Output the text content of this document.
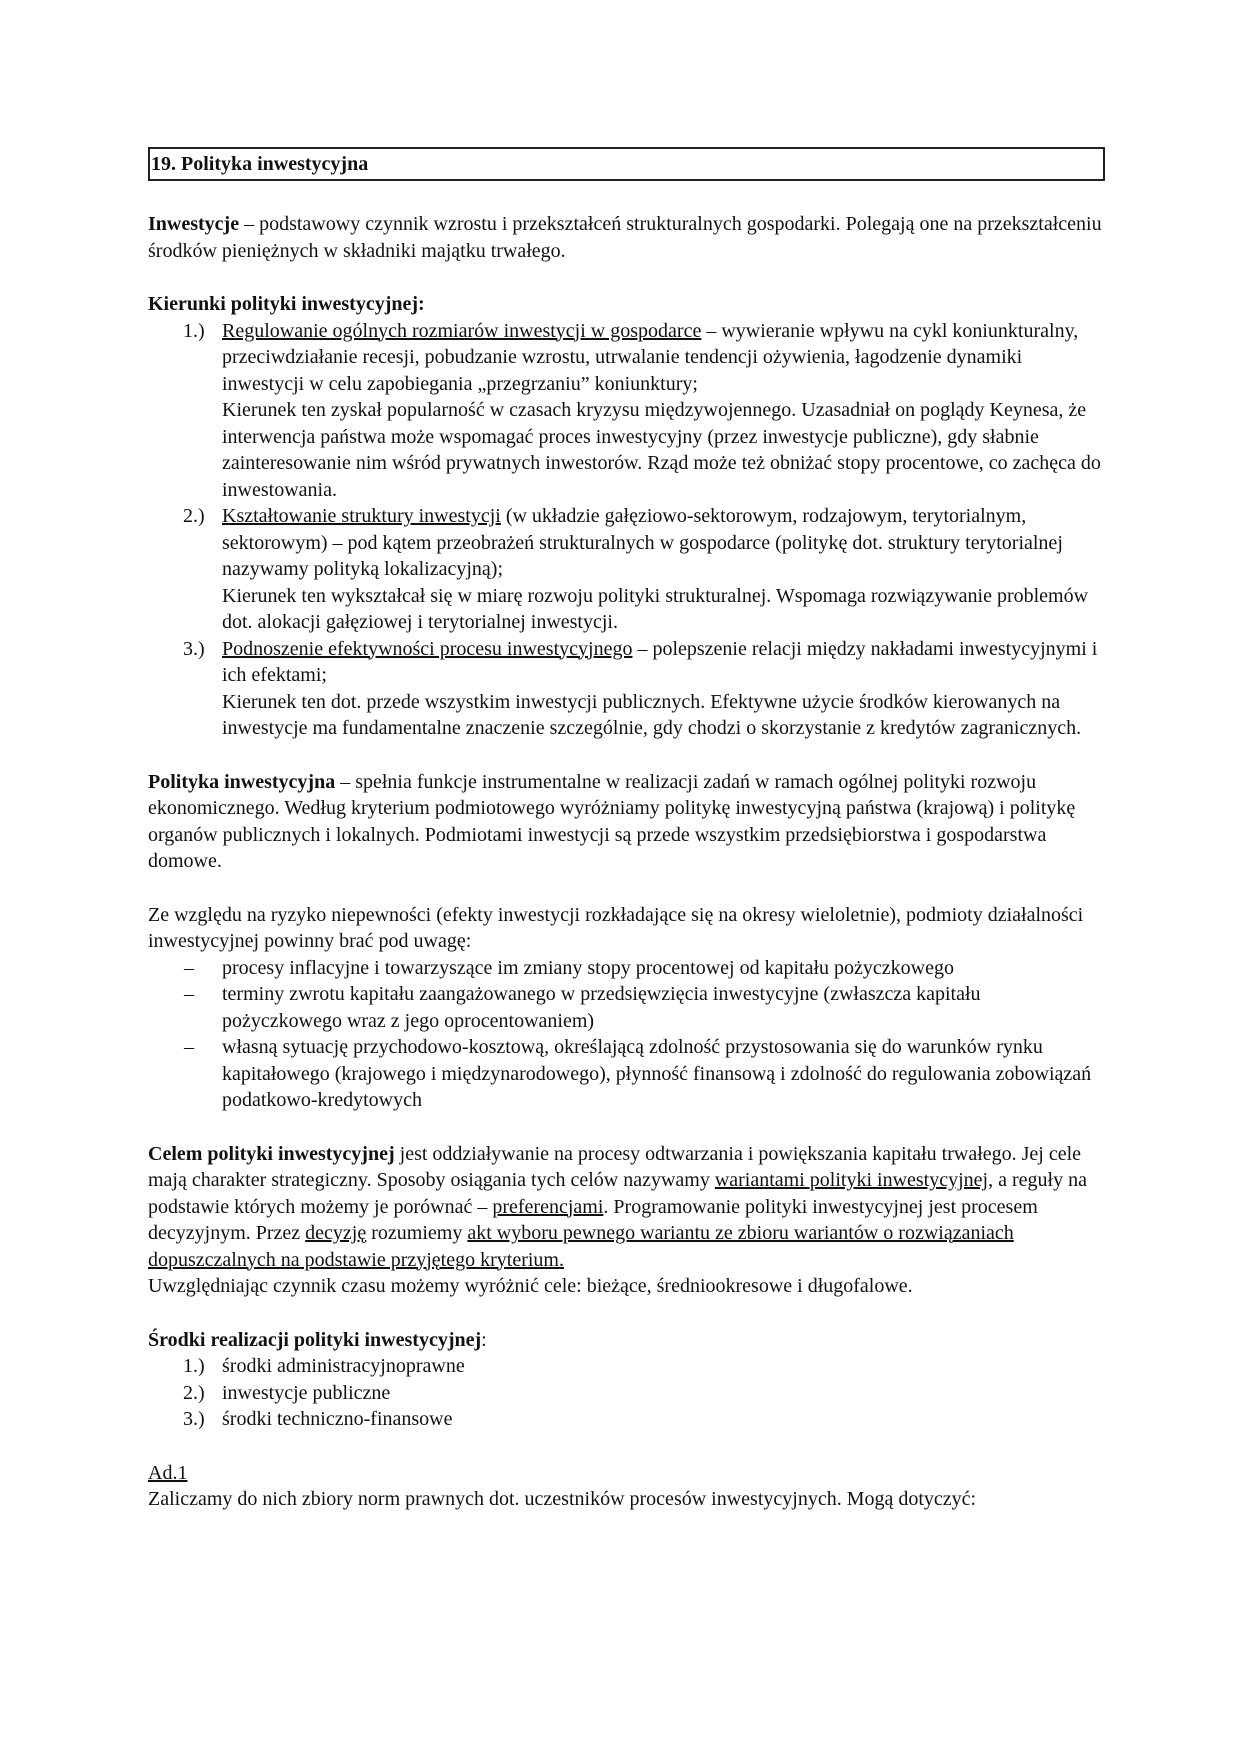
19. Polityka inwestycyjna

Inwestycje – podstawowy czynnik wzrostu i przekształceń strukturalnych gospodarki. Polegają one na przekształceniu środków pieniężnych w składniki majątku trwałego.

Kierunki polityki inwestycyjnej:

1.) Regulowanie ogólnych rozmiarów inwestycji w gospodarce – wywieranie wpływu na cykl koniunkturalny, przeciwdziałanie recesji, pobudzanie wzrostu, utrwalanie tendencji ożywienia, łagodzenie dynamiki inwestycji w celu zapobiegania „przegrzaniu” koniunktury;
Kierunek ten zyskał popularność w czasach kryzysu międzywojennego. Uzasadniał on poglądy Keynesa, że interwencja państwa może wspomagać proces inwestycyjny (przez inwestycje publiczne), gdy słabnie zainteresowanie nim wśród prywatnych inwestorów. Rząd może też obniżać stopy procentowe, co zachęca do inwestowania.
2.) Kształtowanie struktury inwestycji (w układzie gałęziowo-sektorowym, rodzajowym, terytorialnym, sektorowym) – pod kątem przeobrażeń strukturalnych w gospodarce (politykę dot. struktury terytorialnej nazywamy polityką lokalizacyjną);
Kierunek ten wykształcał się w miarę rozwoju polityki strukturalnej. Wspomaga rozwiązywanie problemów dot. alokacji gałęziowej i terytorialnej inwestycji.
3.) Podnoszenie efektywności procesu inwestycyjnego – polepszenie relacji między nakładami inwestycyjnymi i ich efektami;
Kierunek ten dot. przede wszystkim inwestycji publicznych. Efektywne użycie środków kierowanych na inwestycje ma fundamentalne znaczenie szczególnie, gdy chodzi o skorzystanie z kredytów zagranicznych.

Polityka inwestycyjna – spełnia funkcje instrumentalne w realizacji zadań w ramach ogólnej polityki rozwoju ekonomicznego. Według kryterium podmiotowego wyróżniamy politykę inwestycyjną państwa (krajową) i politykę organów publicznych i lokalnych. Podmiotami inwestycji są przede wszystkim przedsiębiorstwa i gospodarstwa domowe.

Ze względu na ryzyko niepewności (efekty inwestycji rozkładające się na okresy wieloletnie), podmioty działalności inwestycyjnej powinny brać pod uwagę:

– procesy inflacyjne i towarzyszące im zmiany stopy procentowej od kapitału pożyczkowego
– terminy zwrotu kapitału zaangażowanego w przedsięwzięcia inwestycyjne (zwłaszcza kapitału pożyczkowego wraz z jego oprocentowaniem)
– własną sytuację przychodowo-kosztową, określającą zdolność przystosowania się do warunków rynku kapitałowego (krajowego i międzynarodowego), płynność finansową i zdolność do regulowania zobowiązań podatkowo-kredytowych

Celem polityki inwestycyjnej jest oddziaływanie na procesy odtwarzania i powiększania kapitału trwałego. Jej cele mają charakter strategiczny. Sposoby osiągania tych celów nazywamy wariantami polityki inwestycyjnej, a reguły na podstawie których możemy je porównać – preferencjami. Programowanie polityki inwestycyjnej jest procesem decyzyjnym. Przez decyzję rozumiemy akt wyboru pewnego wariantu ze zbioru wariantów o rozwiązaniach dopuszczalnych na podstawie przyjętego kryterium.

Uwzględniając czynnik czasu możemy wyróżnić cele: bieżące, średniookresowe i długofalowe.

Środki realizacji polityki inwestycyjnej:

1.) środki administracyjnoprawne
2.) inwestycje publiczne
3.) środki techniczno-finansowe

Ad.1

Zaliczamy do nich zbiory norm prawnych dot. uczestników procesów inwestycyjnych. Mogą dotyczyć:
